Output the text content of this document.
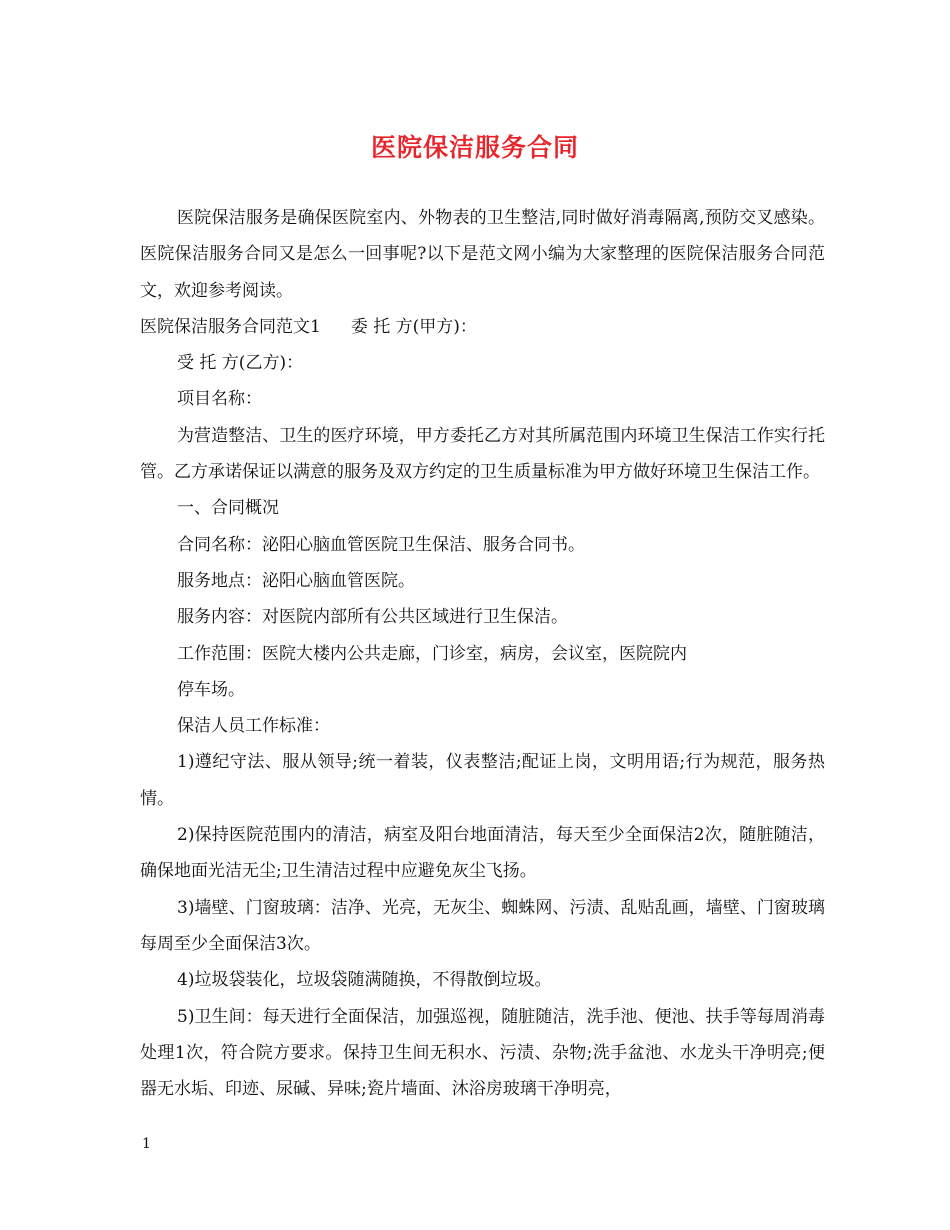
医院保洁服务合同

医院保洁服务是确保医院室内、外物表的卫生整洁,同时做好消毒隔离,预防交叉感染。医院保洁服务合同又是怎么一回事呢?以下是范文网小编为大家整理的医院保洁服务合同范文，欢迎参考阅读。

医院保洁服务合同范文1 委 托 方(甲方)：

受 托 方(乙方)：

项目名称：

为营造整洁、卫生的医疗环境，甲方委托乙方对其所属范围内环境卫生保洁工作实行托管。乙方承诺保证以满意的服务及双方约定的卫生质量标准为甲方做好环境卫生保洁工作。

一、合同概况

合同名称：泌阳心脑血管医院卫生保洁、服务合同书。

服务地点：泌阳心脑血管医院。

服务内容：对医院内部所有公共区域进行卫生保洁。

工作范围：医院大楼内公共走廊，门诊室，病房，会议室，医院院内

停车场。

保洁人员工作标准：

1)遵纪守法、服从领导;统一着装，仪表整洁;配证上岗，文明用语;行为规范，服务热情。

2)保持医院范围内的清洁，病室及阳台地面清洁，每天至少全面保洁2次，随脏随洁，确保地面光洁无尘;卫生清洁过程中应避免灰尘飞扬。

3)墙壁、门窗玻璃：洁净、光亮，无灰尘、蜘蛛网、污渍、乱贴乱画，墙壁、门窗玻璃每周至少全面保洁3次。

4)垃圾袋装化，垃圾袋随满随换，不得散倒垃圾。

5)卫生间：每天进行全面保洁，加强巡视，随脏随洁，洗手池、便池、扶手等每周消毒处理1次，符合院方要求。保持卫生间无积水、污渍、杂物;洗手盆池、水龙头干净明亮;便器无水垢、印迹、尿碱、异味;瓷片墙面、沐浴房玻璃干净明亮，

1
